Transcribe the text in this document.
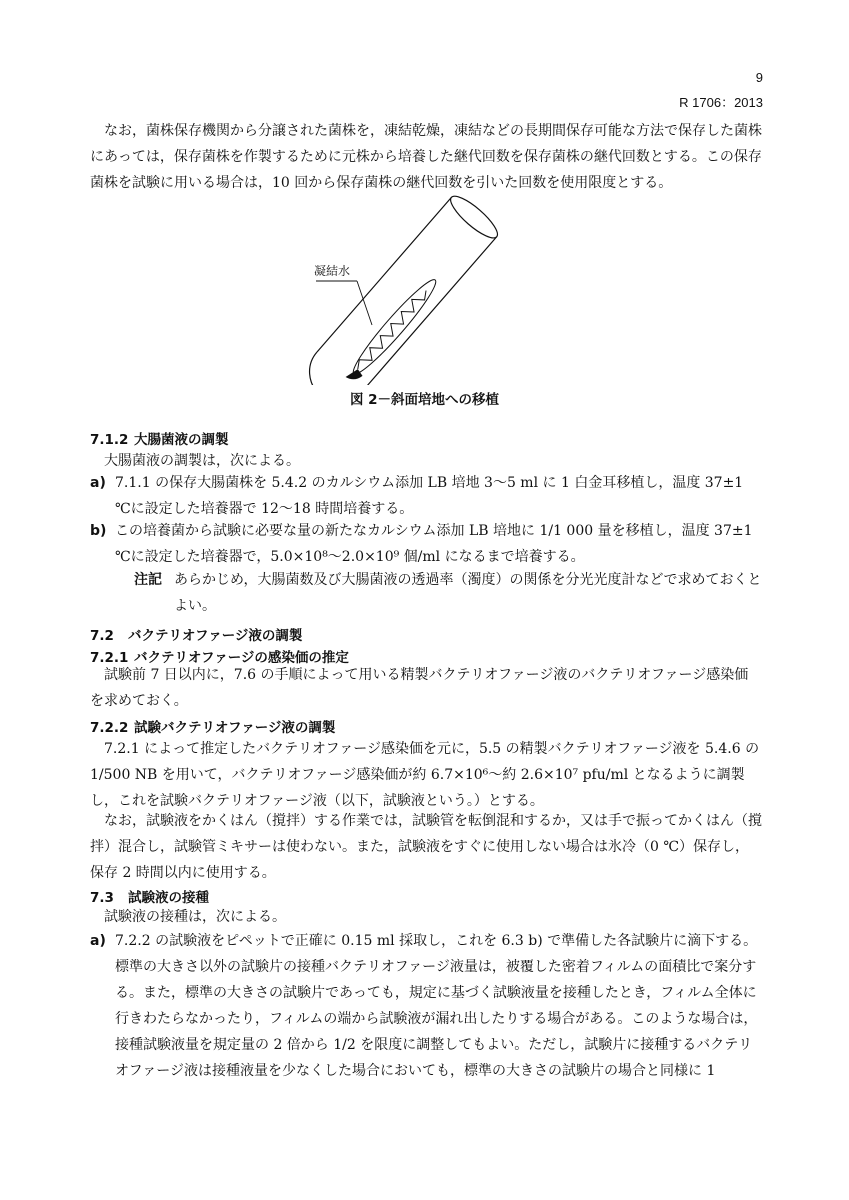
9
R 1706：2013

なお，菌株保存機関から分譲された菌株を，凍結乾燥，凍結などの長期間保存可能な方法で保存した菌株にあっては，保存菌株を作製するために元株から培養した継代回数を保存菌株の継代回数とする。この保存菌株を試験に用いる場合は，10 回から保存菌株の継代回数を引いた回数を使用限度とする。

凝結水
図 2－斜面培地への移植
7.1.2 大腸菌液の調製

大腸菌液の調製は，次による。

a) 7.1.1 の保存大腸菌株を 5.4.2 のカルシウム添加 LB 培地 3～5 ml に 1 白金耳移植し，温度 37±1 ℃に設定した培養器で 12～18 時間培養する。
b) この培養菌から試験に必要な量の新たなカルシウム添加 LB 培地に 1/1 000 量を移植し，温度 37±1 ℃に設定した培養器で，5.0×10⁸～2.0×10⁹ 個/ml になるまで培養する。
注記 あらかじめ，大腸菌数及び大腸菌液の透過率（濁度）の関係を分光光度計などで求めておくとよい。
7.2 バクテリオファージ液の調製
7.2.1 バクテリオファージの感染価の推定

試験前 7 日以内に，7.6 の手順によって用いる精製バクテリオファージ液のバクテリオファージ感染価を求めておく。

7.2.2 試験バクテリオファージ液の調製

7.2.1 によって推定したバクテリオファージ感染価を元に，5.5 の精製バクテリオファージ液を 5.4.6 の 1/500 NB を用いて，バクテリオファージ感染価が約 6.7×10⁶～約 2.6×10⁷ pfu/ml となるように調製し，これを試験バクテリオファージ液（以下，試験液という。）とする。

なお，試験液をかくはん（撹拌）する作業では，試験管を転倒混和するか，又は手で振ってかくはん（撹拌）混合し，試験管ミキサーは使わない。また，試験液をすぐに使用しない場合は氷冷（0 ℃）保存し，保存 2 時間以内に使用する。

7.3 試験液の接種

試験液の接種は，次による。

a) 7.2.2 の試験液をピペットで正確に 0.15 ml 採取し，これを 6.3 b) で準備した各試験片に滴下する。標準の大きさ以外の試験片の接種バクテリオファージ液量は，被覆した密着フィルムの面積比で案分する。また，標準の大きさの試験片であっても，規定に基づく試験液量を接種したとき，フィルム全体に行きわたらなかったり，フィルムの端から試験液が漏れ出したりする場合がある。このような場合は，接種試験液量を規定量の 2 倍から 1/2 を限度に調整してもよい。ただし，試験片に接種するバクテリオファージ液は接種液量を少なくした場合においても，標準の大きさの試験片の場合と同様に 1
